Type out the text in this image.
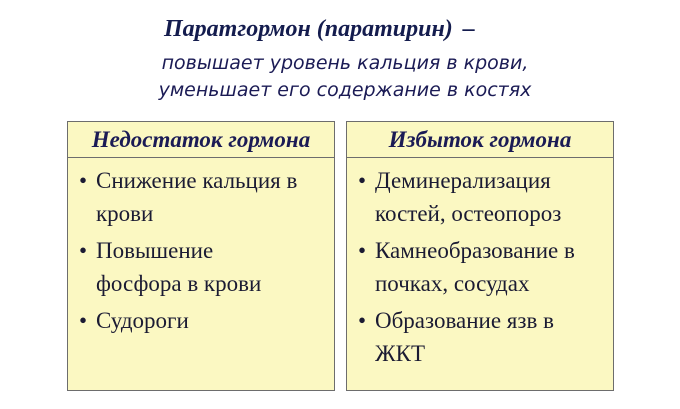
Паратгормон (паратирин) –
повышает уровень кальция в крови,
уменьшает его содержание в костях
Недостаток гормона
• Снижение кальция в
крови
• Повышение
фосфора в крови
• Судороги
Избыток гормона
• Деминерализация
костей, остеопороз
• Камнеобразование в
почках, сосудах
• Образование язв в
ЖКТ
